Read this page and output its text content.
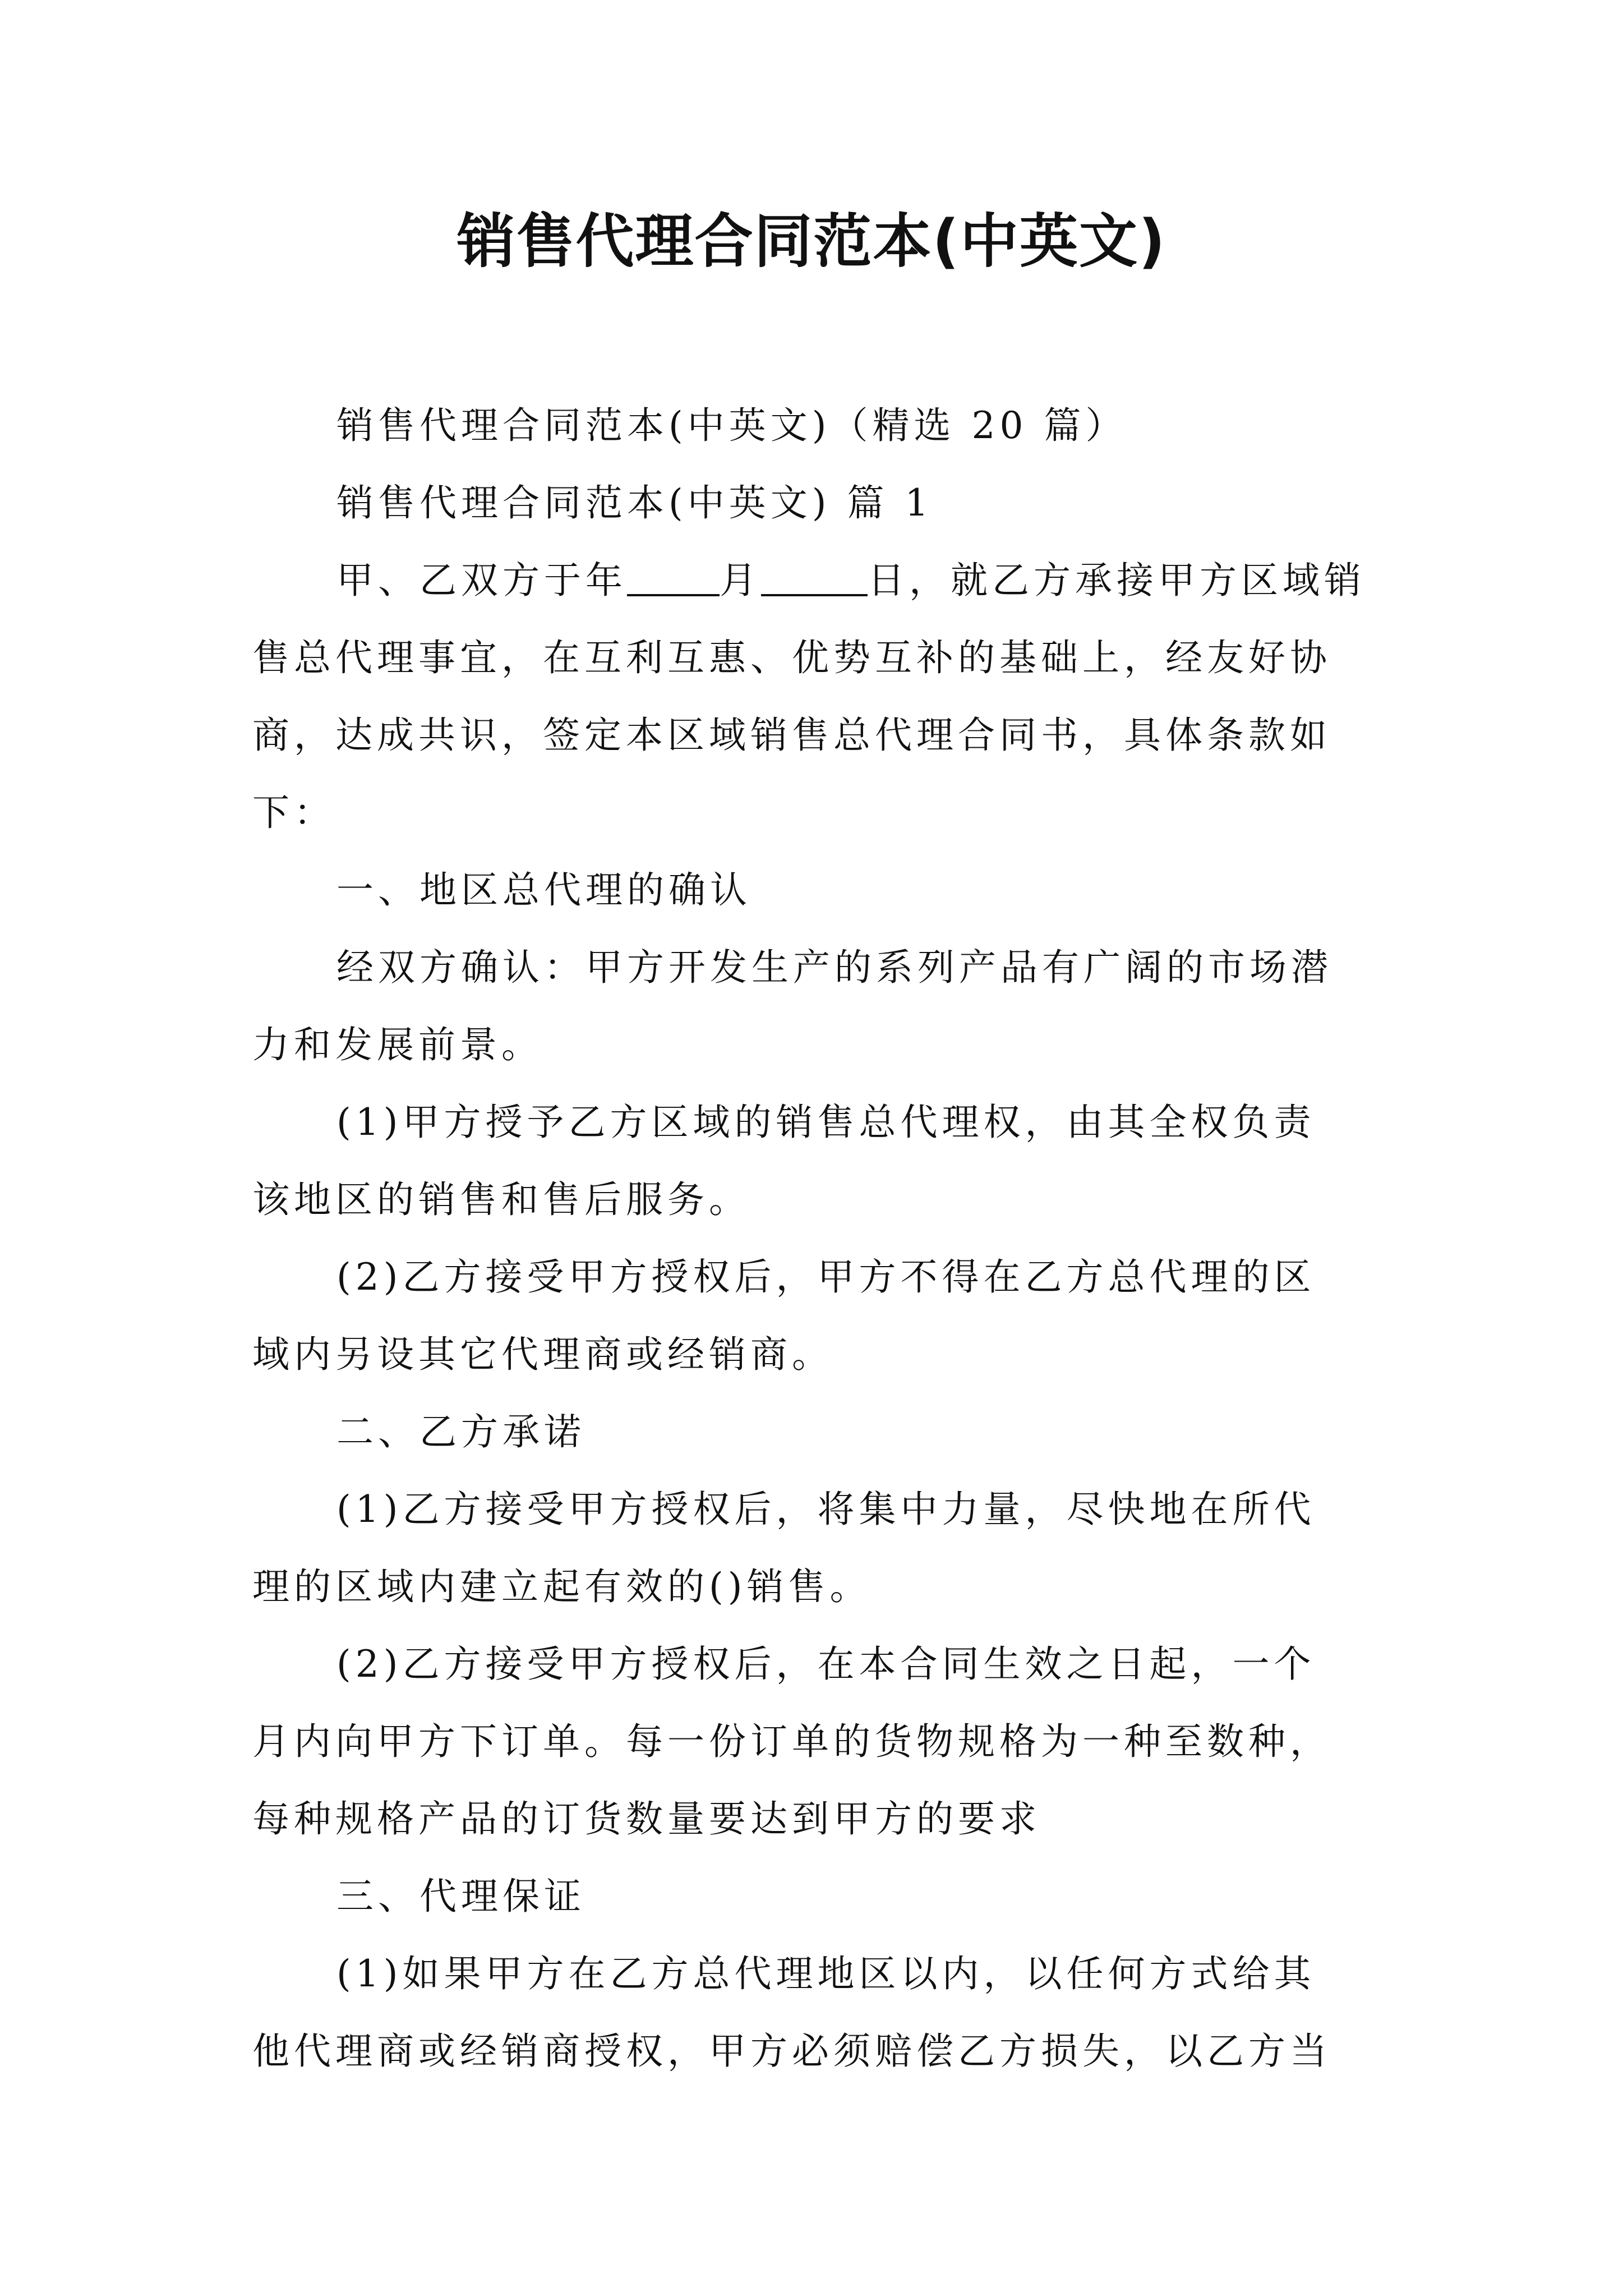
销售代理合同范本(中英文)
销售代理合同范本(中英文)（精选 20 篇）
销售代理合同范本(中英文) 篇 1
甲、乙双方于年	月	日，就乙方承接甲方区域销
售总代理事宜，在互利互惠、优势互补的基础上，经友好协
商，达成共识，签定本区域销售总代理合同书，具体条款如
下：
一、地区总代理的确认
经双方确认：甲方开发生产的系列产品有广阔的市场潜
力和发展前景。
(1)甲方授予乙方区域的销售总代理权，由其全权负责
该地区的销售和售后服务。
(2)乙方接受甲方授权后，甲方不得在乙方总代理的区
域内另设其它代理商或经销商。
二、乙方承诺
(1)乙方接受甲方授权后，将集中力量，尽快地在所代
理的区域内建立起有效的()销售。
(2)乙方接受甲方授权后，在本合同生效之日起，一个
月内向甲方下订单。每一份订单的货物规格为一种至数种，
每种规格产品的订货数量要达到甲方的要求
三、代理保证
(1)如果甲方在乙方总代理地区以内，以任何方式给其
他代理商或经销商授权，甲方必须赔偿乙方损失，以乙方当
